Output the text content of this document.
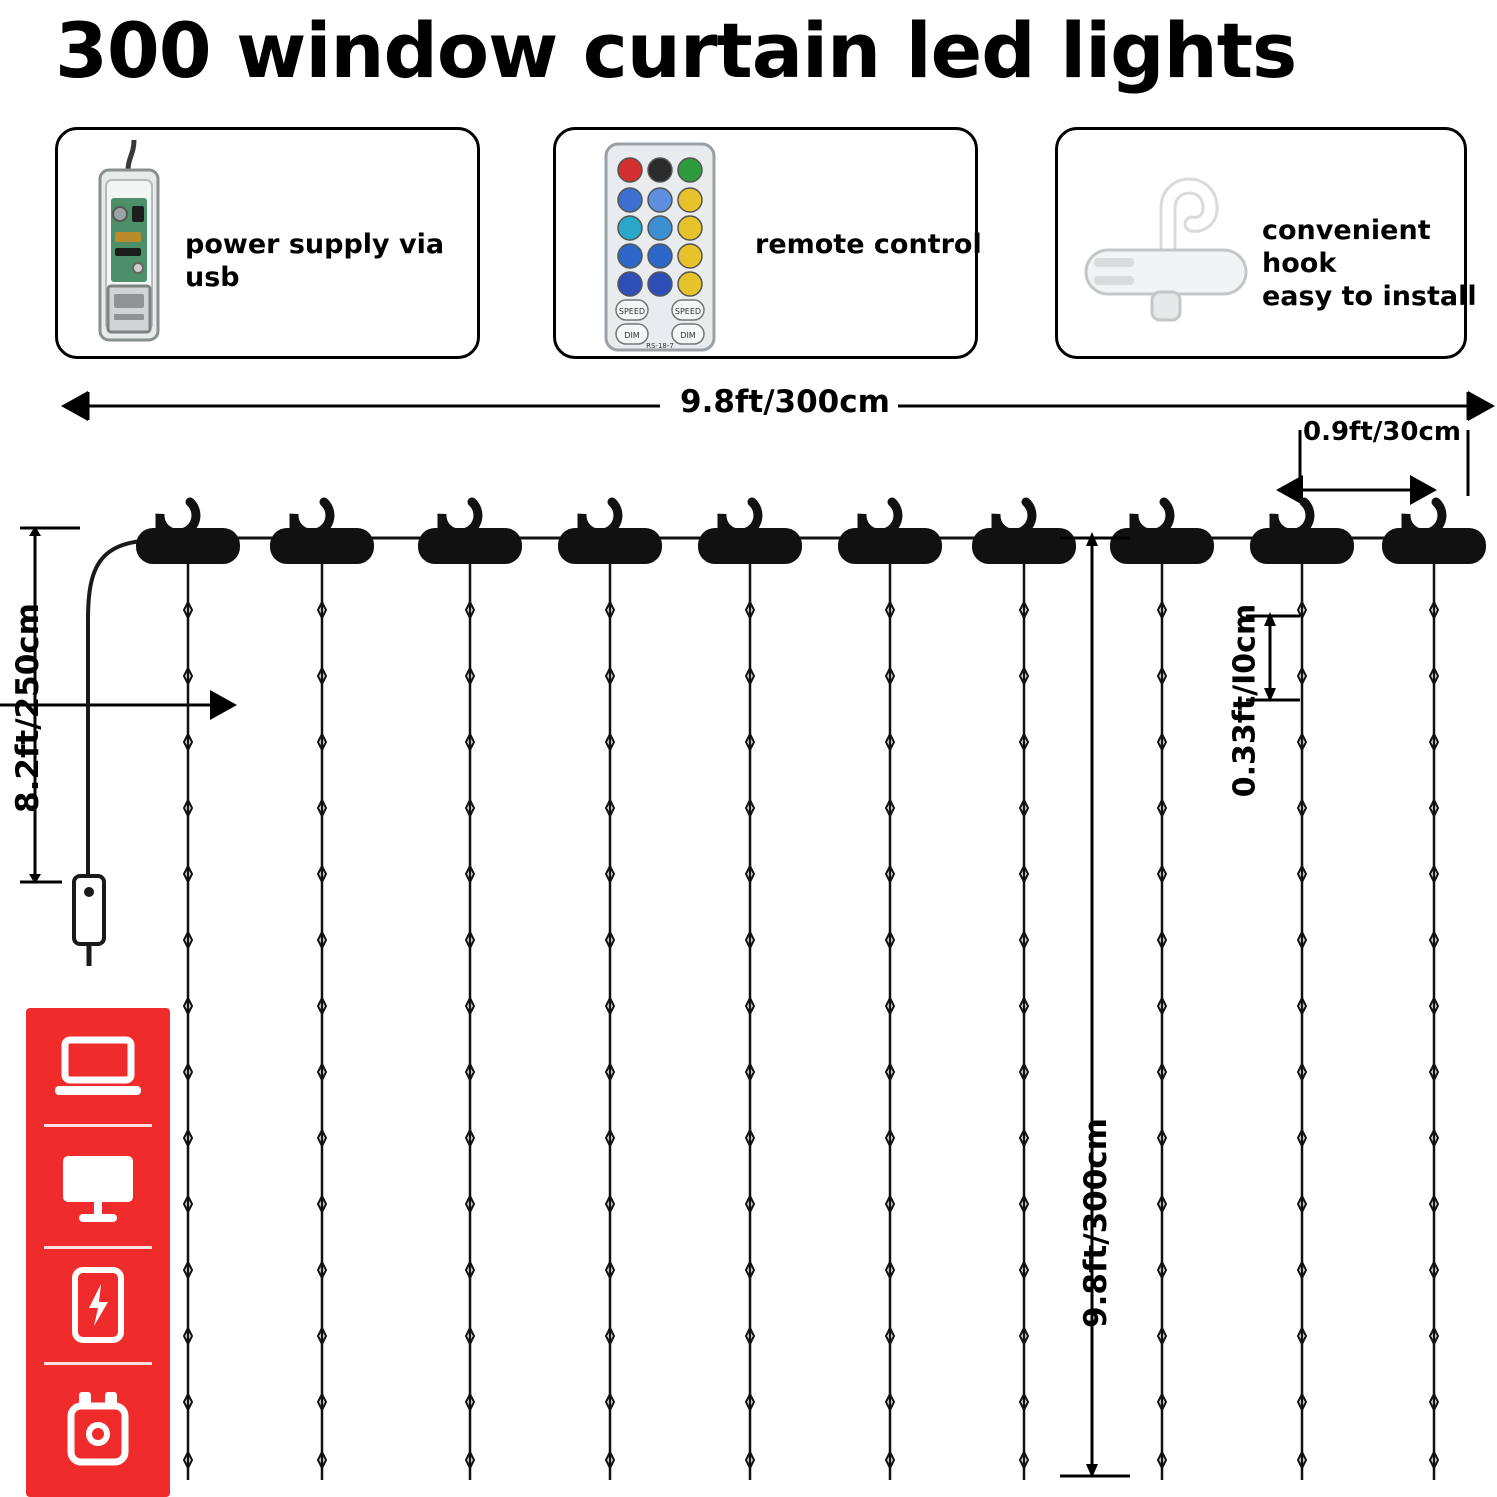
300 window curtain led lights
power supply via usb
SPEED	SPEED
DIM	DIM
RS-18-7
remote control	convenient hook
easy to install
9.8ft/300cm
0.9ft/30cm
8.2ft/250cm
9.8ft/300cm
0.33ft/I0cm
